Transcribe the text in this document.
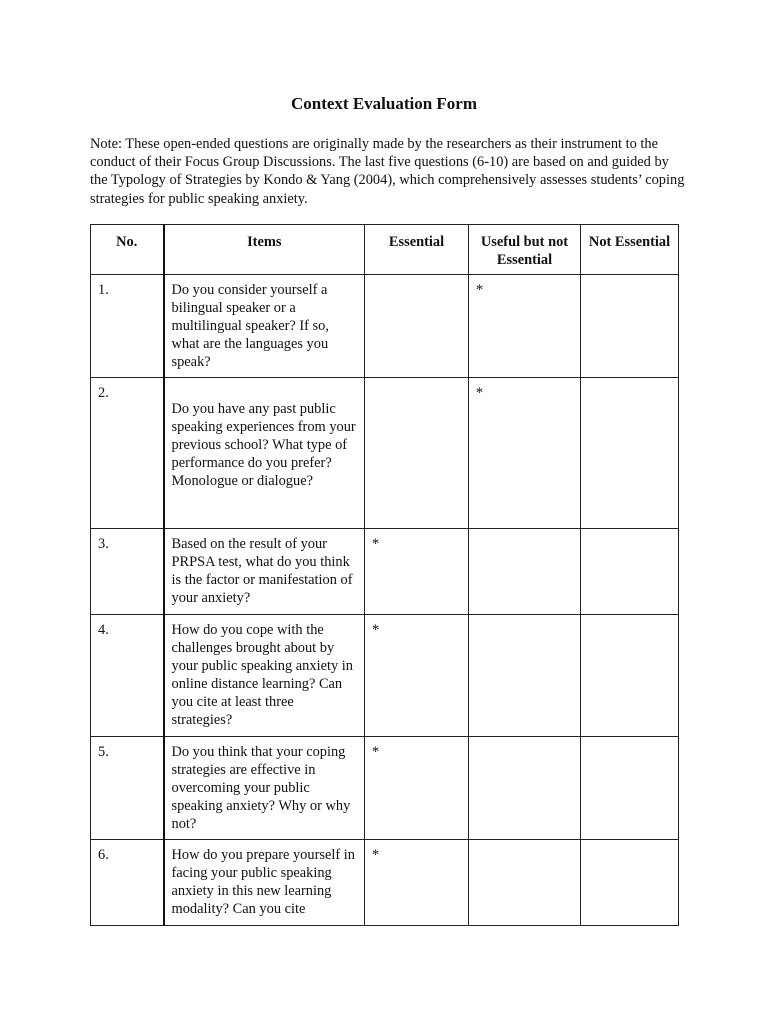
Context Evaluation Form
Note: These open-ended questions are originally made by the researchers as their instrument to the conduct of their Focus Group Discussions. The last five questions (6-10) are based on and guided by the Typology of Strategies by Kondo & Yang (2004), which comprehensively assesses students’ coping strategies for public speaking anxiety.
No.	Items	Essential	Useful but not Essential	Not Essential
1.	Do you consider yourself a bilingual speaker or a multilingual speaker? If so, what are the languages you speak?		*	
2.	Do you have any past public speaking experiences from your previous school? What type of performance do you prefer? Monologue or dialogue?		*	
3.	Based on the result of your PRPSA test, what do you think is the factor or manifestation of your anxiety?	*		
4.	How do you cope with the challenges brought about by your public speaking anxiety in online distance learning? Can you cite at least three strategies?	*		
5.	Do you think that your coping strategies are effective in overcoming your public speaking anxiety? Why or why not?	*		
6.	How do you prepare yourself in facing your public speaking anxiety in this new learning modality? Can you cite	*		
